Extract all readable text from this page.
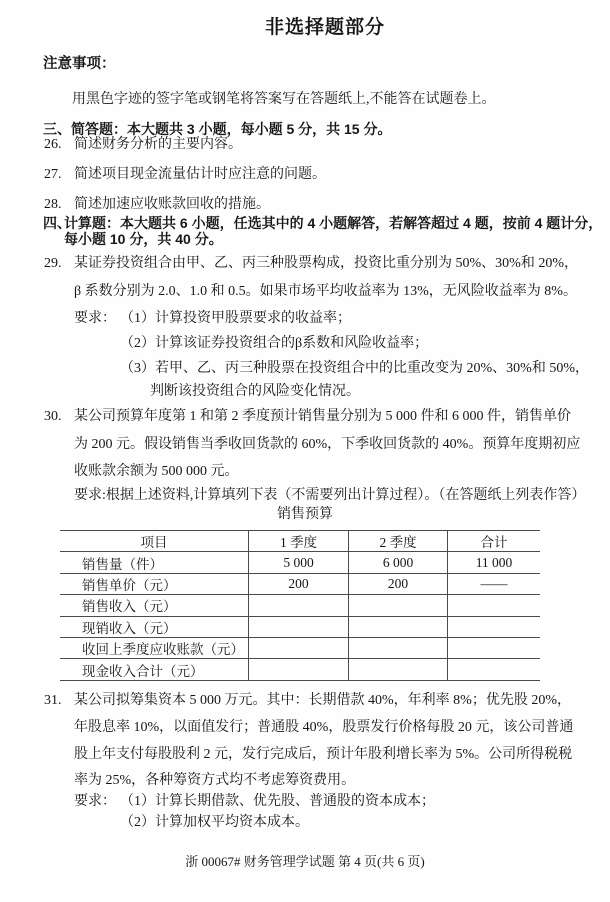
非选择题部分
注意事项：
用黑色字迹的签字笔或钢笔将答案写在答题纸上,不能答在试题卷上。
三、简答题：本大题共 3 小题，每小题 5 分，共 15 分。
26. 简述财务分析的主要内容。
27. 简述项目现金流量估计时应注意的问题。
28. 简述加速应收账款回收的措施。
四、
计算题：本大题共 6 小题，任选其中的 4 小题解答，若解答超过 4 题，按前 4 题计分，
每小题 10 分，共 40 分。
29. 某证券投资组合由甲、乙、丙三种股票构成，投资比重分别为 50%、30%和 20%，
β 系数分别为 2.0、1.0 和 0.5。如果市场平均收益率为 13%，无风险收益率为 8%。
要求： （1）计算投资甲股票要求的收益率；
（2）计算该证券投资组合的β系数和风险收益率；
（3）若甲、乙、丙三种股票在投资组合中的比重改变为 20%、30%和 50%，
判断该投资组合的风险变化情况。
30. 某公司预算年度第 1 和第 2 季度预计销售量分别为 5 000 件和 6 000 件，销售单价
为 200 元。假设销售当季收回货款的 60%，下季收回货款的 40%。预算年度期初应
收账款余额为 500 000 元。
要求:根据上述资料,计算填列下表（不需要列出计算过程）。（在答题纸上列表作答）
销售预算
项目	1 季度	2 季度	合计
销售量（件）	5 000	6 000	11 000
销售单价（元）	200	200	——
销售收入（元）
现销收入（元）
收回上季度应收账款（元）
现金收入合计（元）
31. 某公司拟筹集资本 5 000 万元。其中：长期借款 40%，年利率 8%；优先股 20%，
年股息率 10%，以面值发行；普通股 40%，股票发行价格每股 20 元，该公司普通
股上年支付每股股利 2 元，发行完成后，预计年股利增长率为 5%。公司所得税税
率为 25%，各种筹资方式均不考虑筹资费用。
要求： （1）计算长期借款、优先股、普通股的资本成本；
（2）计算加权平均资本成本。
浙 00067# 财务管理学试题 第 4 页(共 6 页)
